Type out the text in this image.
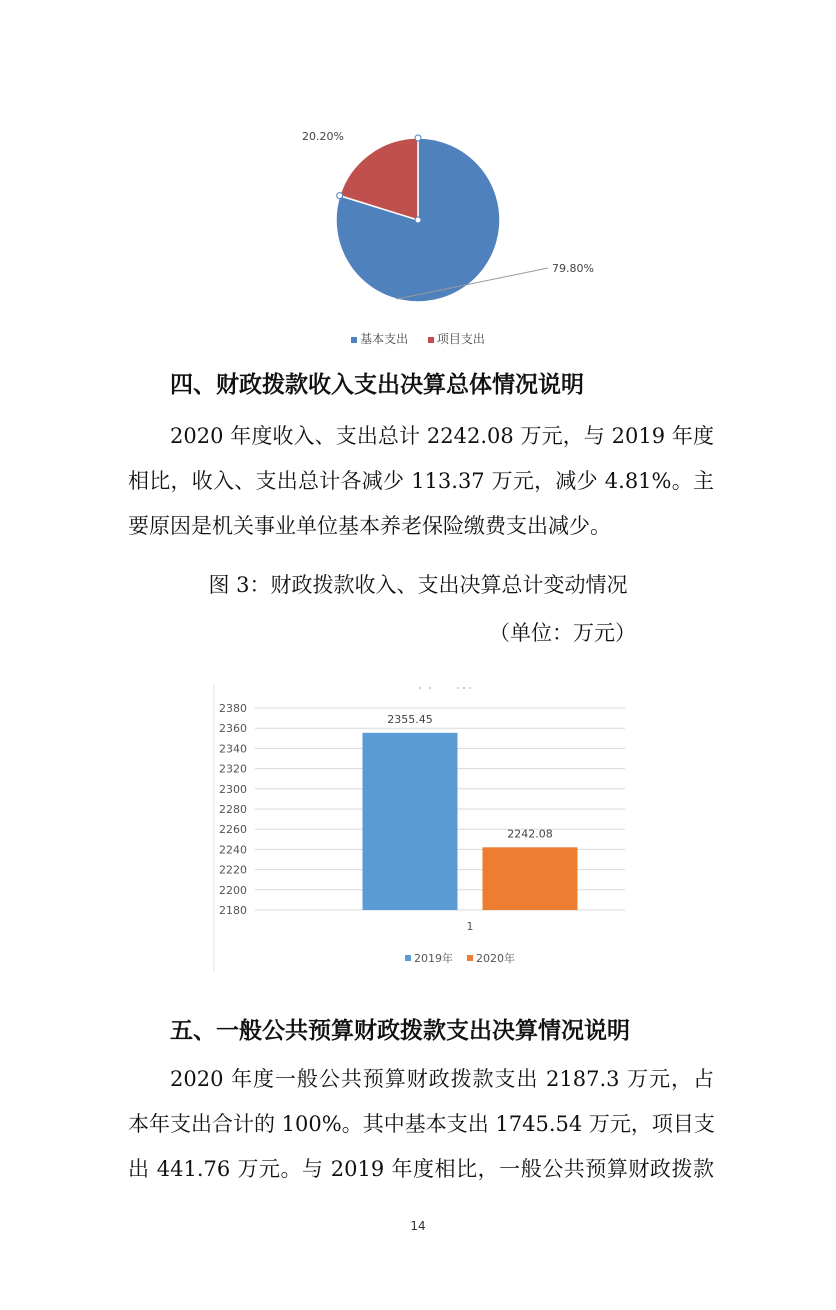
79.80%
20.20%
基本支出 项目支出
四、财政拨款收入支出决算总体情况说明
2020 年度收入、支出总计 2242.08 万元，与 2019 年度
相比，收入、支出总计各减少 113.37 万元，减少 4.81%。主
要原因是机关事业单位基本养老保险缴费支出减少。
图 3：财政拨款收入、支出决算总计变动情况
（单位：万元）
2380
2360
2340
2320
2300
2280
2260
2240
2220
2200
2180
2355.45
2242.08
1
2019年 2020年
五、一般公共预算财政拨款支出决算情况说明
2020 年度一般公共预算财政拨款支出 2187.3 万元，占
本年支出合计的 100%。其中基本支出 1745.54 万元，项目支
出 441.76 万元。与 2019 年度相比，一般公共预算财政拨款
14
